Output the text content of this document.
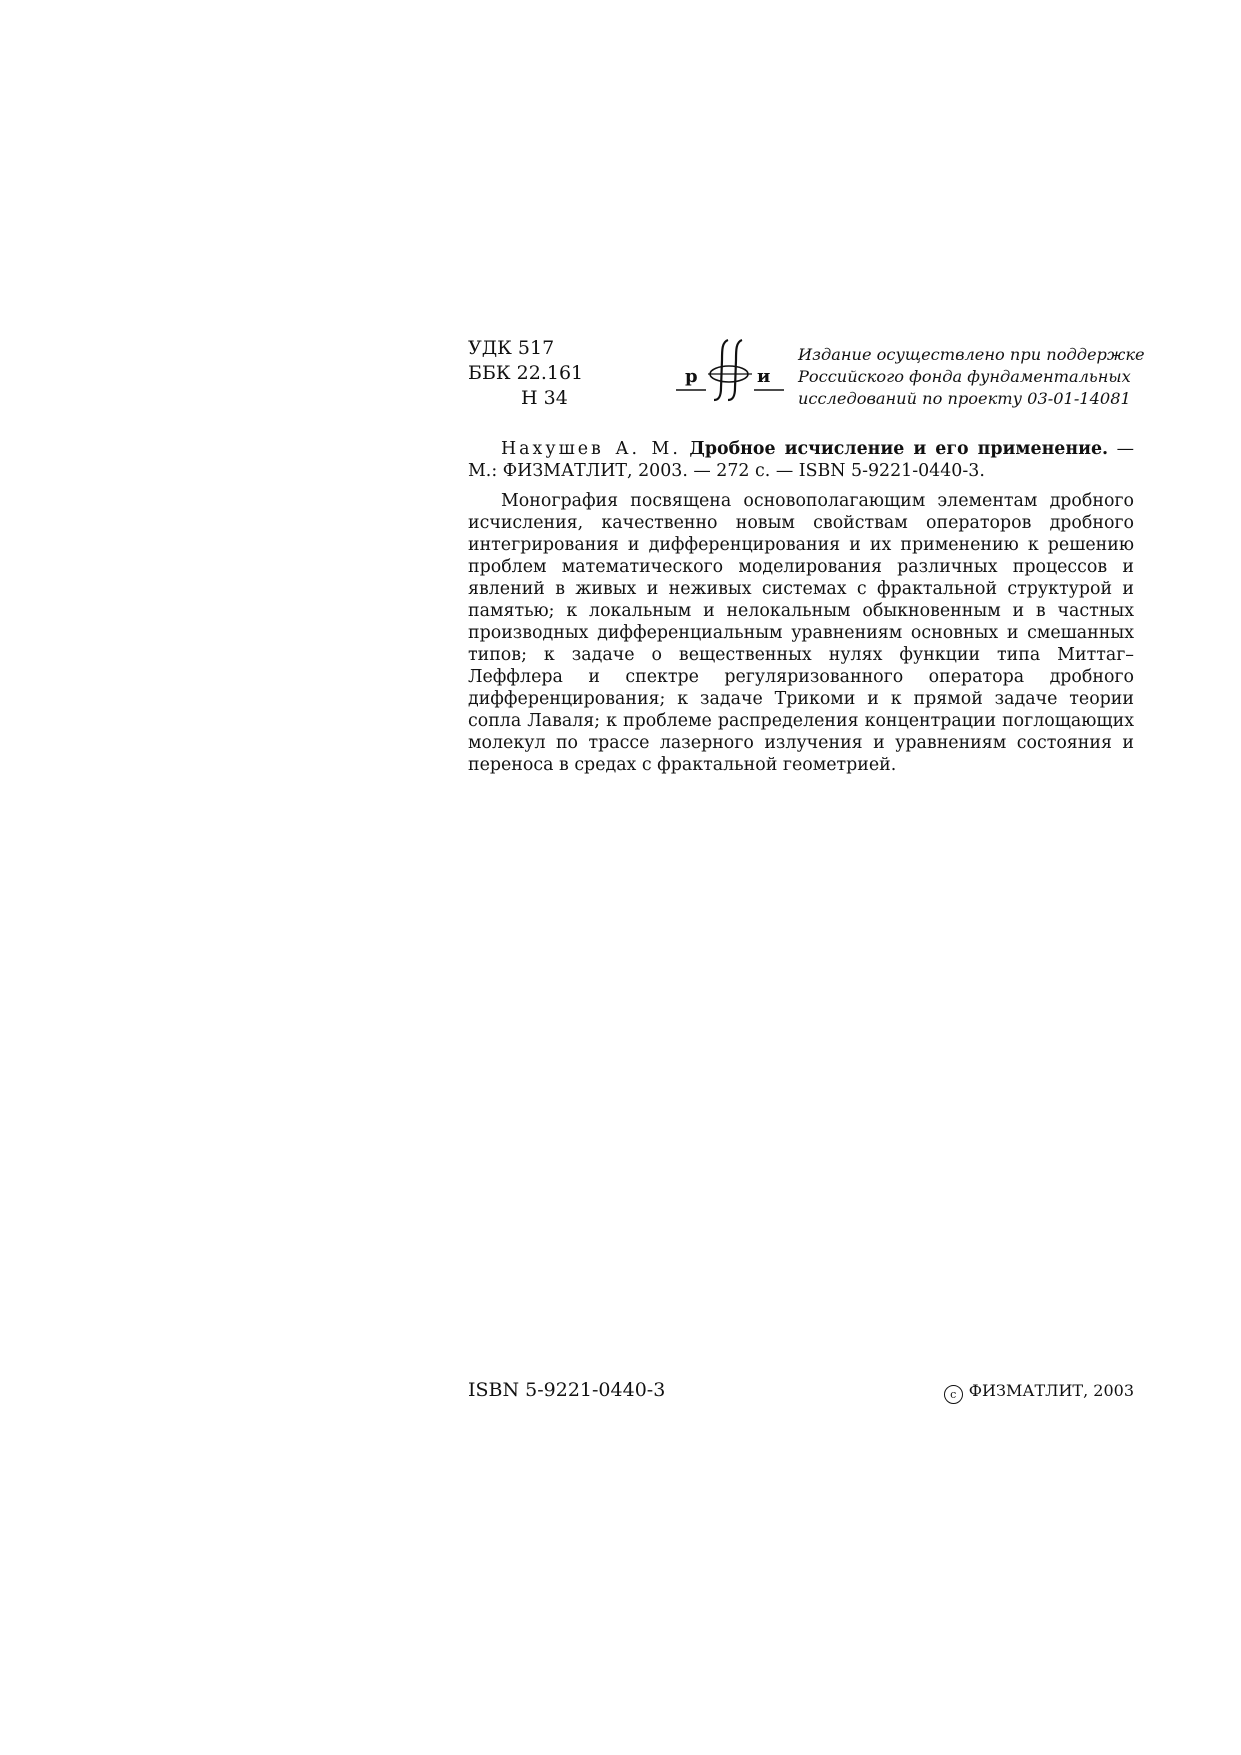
УДК 517
ББК 22.161
Н 34
р	и
Издание осуществлено при поддержке
Российского фонда фундаментальных
исследований по проекту 03-01-14081

Нахушев А. М. Дробное исчисление и его применение. — М.: ФИЗМАТЛИТ, 2003. — 272 с. — ISBN 5-9221-0440-3.

Монография посвящена основополагающим элементам дробного исчисления, качественно новым свойствам операторов дробного интегрирования и дифференцирования и их применению к решению проблем математического моделирования различных процессов и явлений в живых и неживых системах с фрактальной структурой и памятью; к локальным и нелокальным обыкновенным и в частных производных дифференциальным уравнениям основных и смешанных типов; к задаче о вещественных нулях функции типа Миттаг–Леффлера и спектре регуляризованного оператора дробного дифференцирования; к задаче Трикоми и к прямой задаче теории сопла Лаваля; к проблеме распределения концентрации поглощающих молекул по трассе лазерного излучения и уравнениям состояния и переноса в средах с фрактальной геометрией.

ISBN 5-9221-0440-3	c ФИЗМАТЛИТ, 2003
